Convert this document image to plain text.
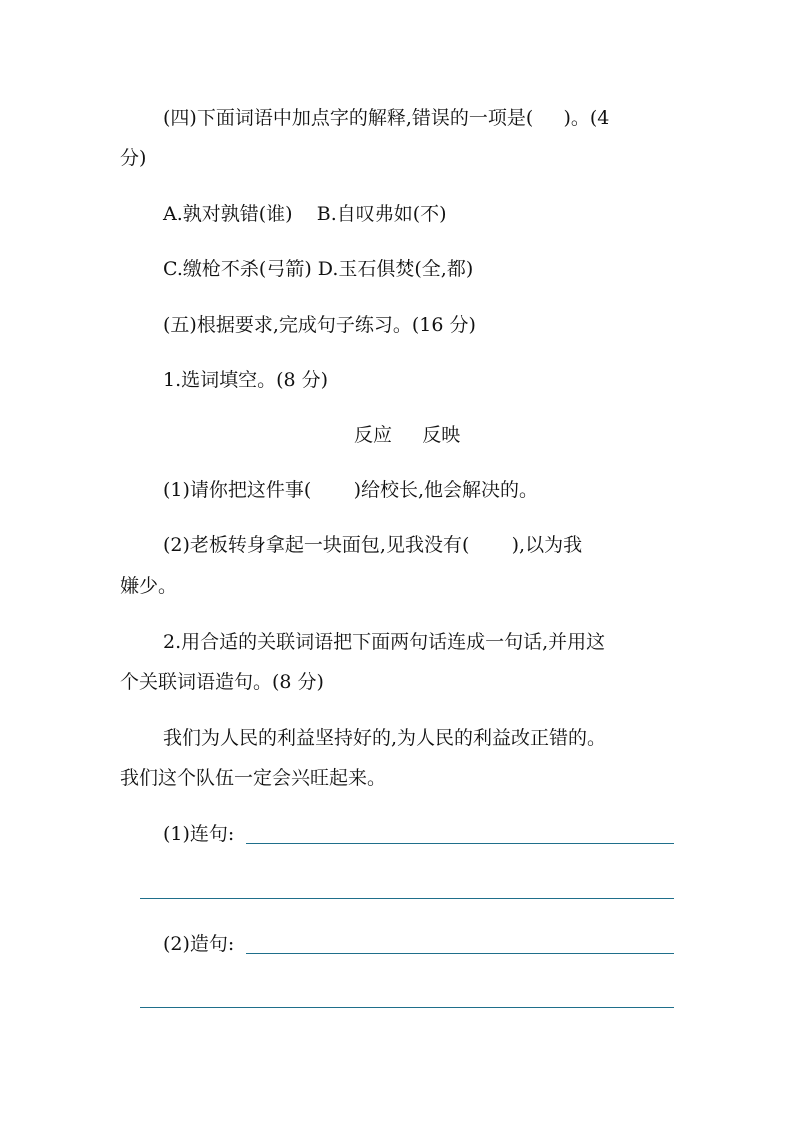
(四)下面词语中加点字的解释,错误的一项是(     )。(4
分)
A.孰对孰错(谁)    B.自叹弗如(不)
C.缴枪不杀(弓箭) D.玉石俱焚(全,都)
(五)根据要求,完成句子练习。(16 分)
1.选词填空。(8 分)
反应     反映
(1)请你把这件事(       )给校长,他会解决的。
(2)老板转身拿起一块面包,见我没有(       ),以为我
嫌少。
2.用合适的关联词语把下面两句话连成一句话,并用这
个关联词语造句。(8 分)
我们为人民的利益坚持好的,为人民的利益改正错的。
我们这个队伍一定会兴旺起来。
(1)连句:
(2)造句:
